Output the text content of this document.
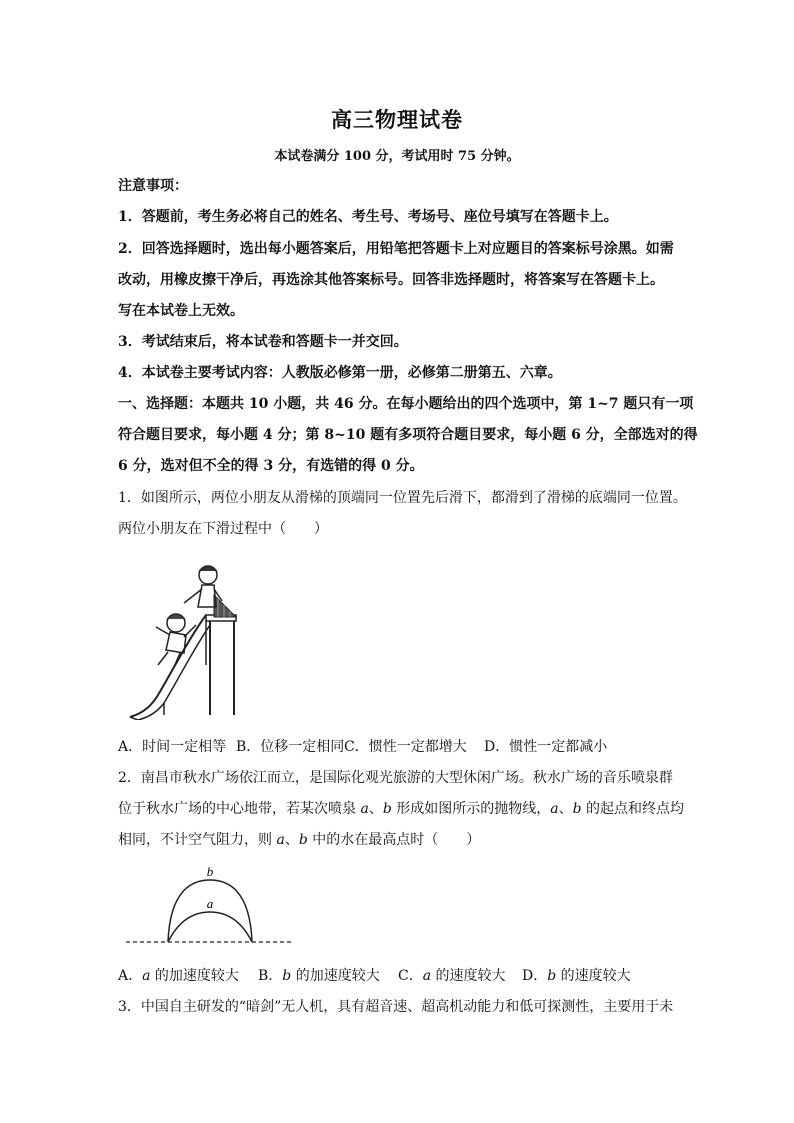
高三物理试卷
本试卷满分 100 分，考试用时 75 分钟。
注意事项：
1．答题前，考生务必将自己的姓名、考生号、考场号、座位号填写在答题卡上。
2．回答选择题时，选出每小题答案后，用铅笔把答题卡上对应题目的答案标号涂黑。如需
改动，用橡皮擦干净后，再选涂其他答案标号。回答非选择题时，将答案写在答题卡上。
写在本试卷上无效。
3．考试结束后，将本试卷和答题卡一并交回。
4．本试卷主要考试内容：人教版必修第一册，必修第二册第五、六章。
一、选择题：本题共 10 小题，共 46 分。在每小题给出的四个选项中，第 1~7 题只有一项
符合题目要求，每小题 4 分；第 8~10 题有多项符合题目要求，每小题 6 分，全部选对的得
6 分，选对但不全的得 3 分，有选错的得 0 分。
1．如图所示，两位小朋友从滑梯的顶端同一位置先后滑下，都滑到了滑梯的底端同一位置。
两位小朋友在下滑过程中（　　）
A．时间一定相等 B．位移一定相同 C．惯性一定都增大 D．惯性一定都减小
2．南昌市秋水广场依江而立，是国际化观光旅游的大型休闲广场。秋水广场的音乐喷泉群
位于秋水广场的中心地带，若某次喷泉 a、b 形成如图所示的抛物线，a、b 的起点和终点均
相同，不计空气阻力，则 a、b 中的水在最高点时（　　）
b
a
A．a 的加速度较大 B．b 的加速度较大 C．a 的速度较大 D．b 的速度较大
3．中国自主研发的“暗剑”无人机，具有超音速、超高机动能力和低可探测性，主要用于未
